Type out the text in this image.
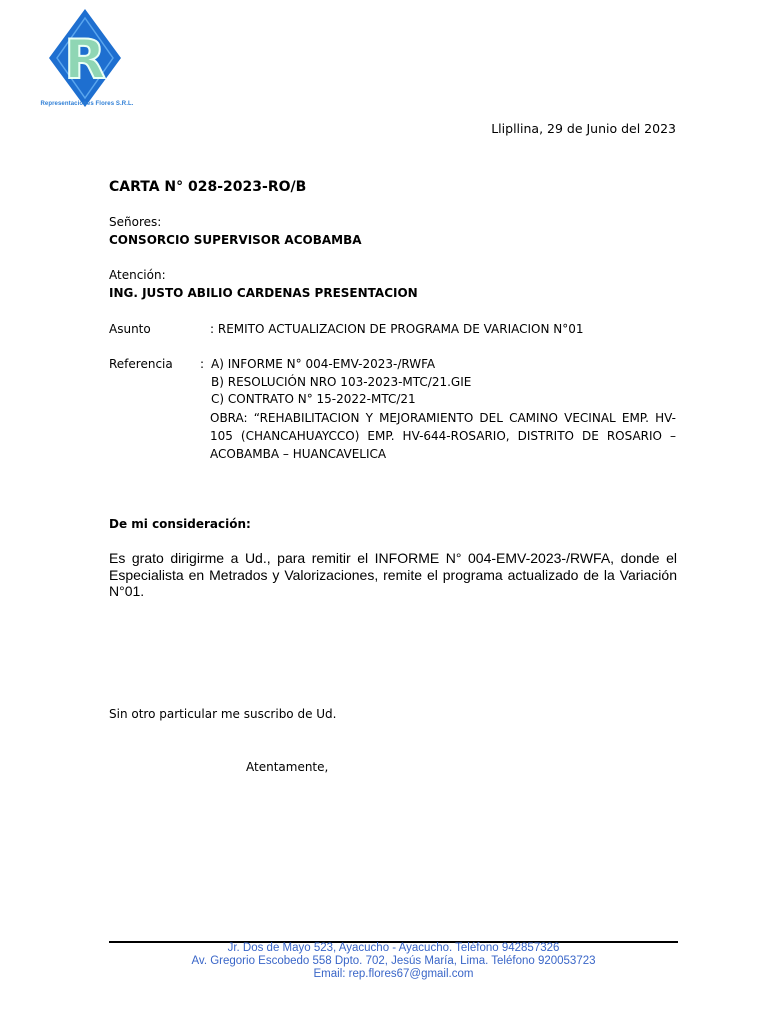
R
Representaciones Flores S.R.L.
Llipllina, 29 de Junio del 2023
CARTA N° 028-2023-RO/B
Señores:
CONSORCIO SUPERVISOR ACOBAMBA
Atención:
ING. JUSTO ABILIO CARDENAS PRESENTACION
Asunto	: REMITO ACTUALIZACION DE PROGRAMA DE VARIACION N°01
Referencia : A) INFORME N° 004-EMV-2023-/RWFA
B) RESOLUCIÓN NRO 103-2023-MTC/21.GIE
C) CONTRATO N° 15-2022-MTC/21
OBRA: “REHABILITACION Y MEJORAMIENTO DEL CAMINO VECINAL EMP. HV-105 (CHANCAHUAYCCO) EMP. HV-644-ROSARIO, DISTRITO DE ROSARIO – ACOBAMBA – HUANCAVELICA
De mi consideración:
Es grato dirigirme a Ud., para remitir el INFORME N° 004-EMV-2023-/RWFA, donde el Especialista en Metrados y Valorizaciones, remite el programa actualizado de la Variación N°01.
Sin otro particular me suscribo de Ud.
Atentamente,
Jr. Dos de Mayo 523, Ayacucho - Ayacucho. Teléfono 942857326
Av. Gregorio Escobedo 558 Dpto. 702, Jesús María, Lima. Teléfono 920053723
Email: rep.flores67@gmail.com
